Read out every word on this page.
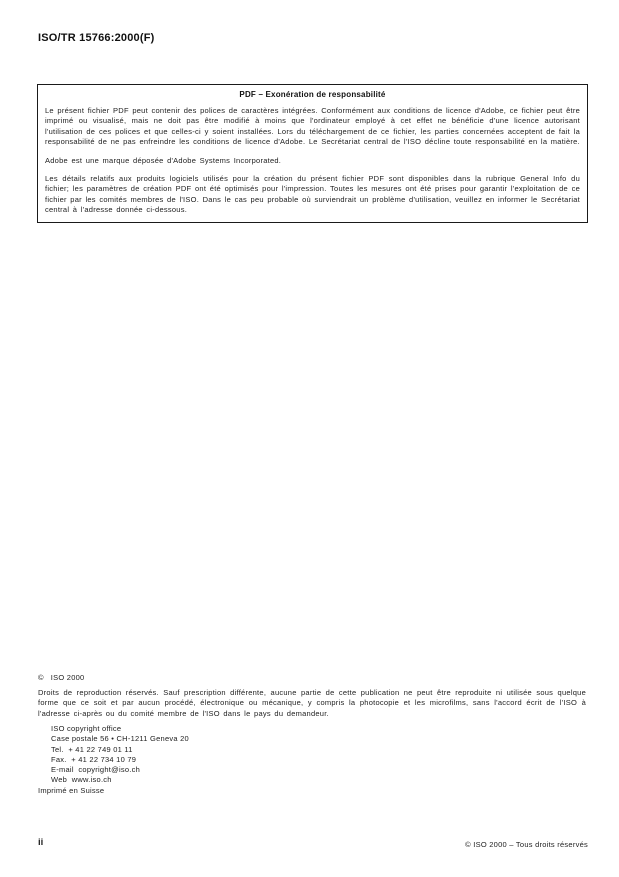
ISO/TR 15766:2000(F)
PDF – Exonération de responsabilité

Le présent fichier PDF peut contenir des polices de caractères intégrées. Conformément aux conditions de licence d'Adobe, ce fichier peut être imprimé ou visualisé, mais ne doit pas être modifié à moins que l'ordinateur employé à cet effet ne bénéficie d'une licence autorisant l'utilisation de ces polices et que celles-ci y soient installées. Lors du téléchargement de ce fichier, les parties concernées acceptent de fait la responsabilité de ne pas enfreindre les conditions de licence d'Adobe. Le Secrétariat central de l'ISO décline toute responsabilité en la matière.

Adobe est une marque déposée d'Adobe Systems Incorporated.

Les détails relatifs aux produits logiciels utilisés pour la création du présent fichier PDF sont disponibles dans la rubrique General Info du fichier; les paramètres de création PDF ont été optimisés pour l'impression. Toutes les mesures ont été prises pour garantir l'exploitation de ce fichier par les comités membres de l'ISO. Dans le cas peu probable où surviendrait un problème d'utilisation, veuillez en informer le Secrétariat central à l'adresse donnée ci-dessous.

©   ISO 2000

Droits de reproduction réservés. Sauf prescription différente, aucune partie de cette publication ne peut être reproduite ni utilisée sous quelque forme que ce soit et par aucun procédé, électronique ou mécanique, y compris la photocopie et les microfilms, sans l'accord écrit de l'ISO à l'adresse ci-après ou du comité membre de l'ISO dans le pays du demandeur.

ISO copyright office
Case postale 56 • CH-1211 Geneva 20
Tel.  + 41 22 749 01 11
Fax.  + 41 22 734 10 79
E-mail  copyright@iso.ch
Web  www.iso.ch
Imprimé en Suisse
ii	© ISO 2000 – Tous droits réservés
